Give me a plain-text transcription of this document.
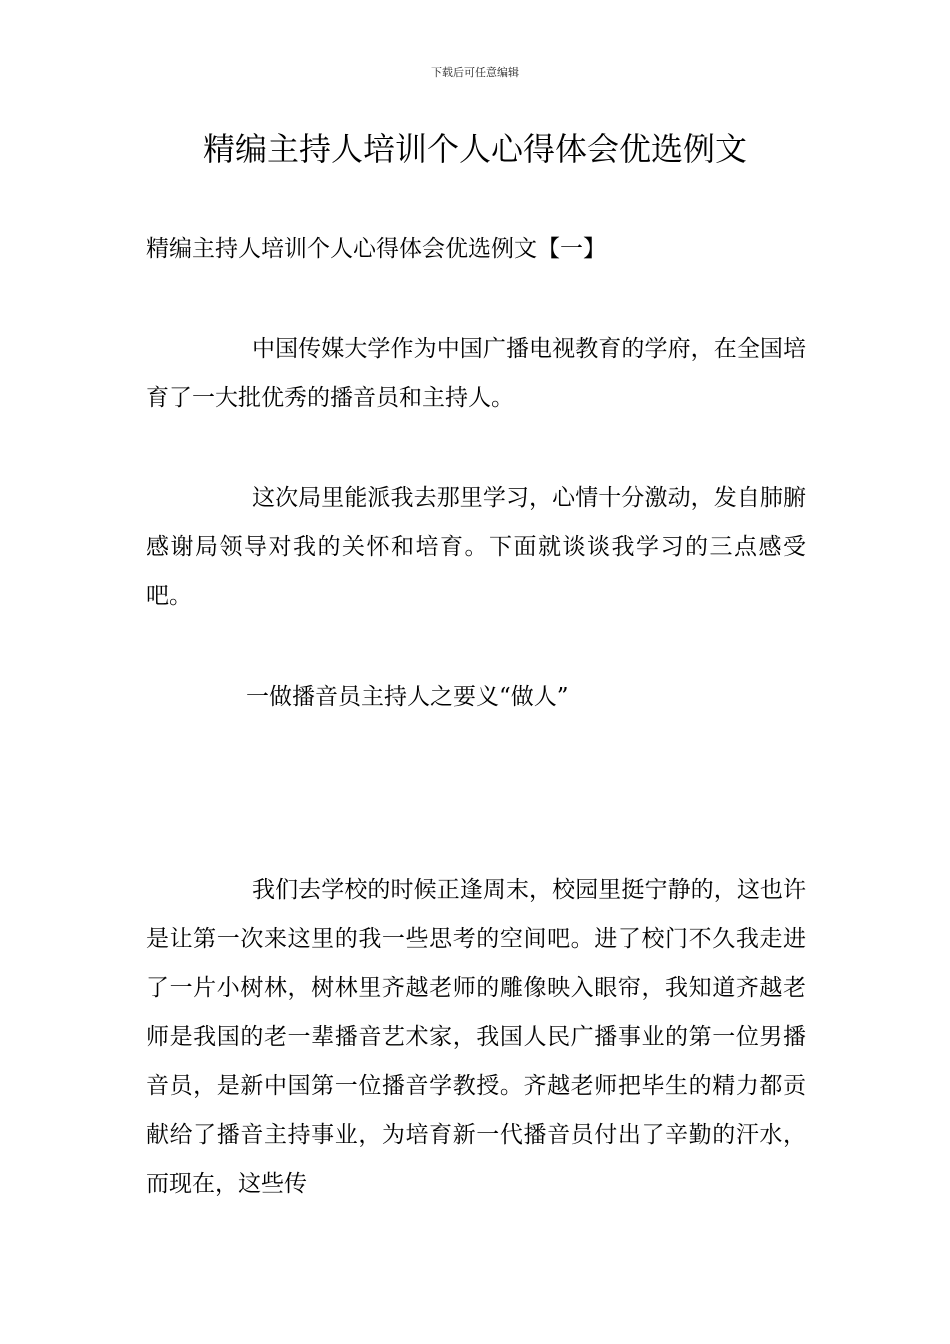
下载后可任意编辑
精编主持人培训个人心得体会优选例文
精编主持人培训个人心得体会优选例文【一】

中国传媒大学作为中国广播电视教育的学府，在全国培育了一大批优秀的播音员和主持人。

这次局里能派我去那里学习，心情十分激动，发自肺腑感谢局领导对我的关怀和培育。下面就谈谈我学习的三点感受吧。

一做播音员主持人之要义“做人”

我们去学校的时候正逢周末，校园里挺宁静的，这也许是让第一次来这里的我一些思考的空间吧。进了校门不久我走进了一片小树林，树林里齐越老师的雕像映入眼帘，我知道齐越老师是我国的老一辈播音艺术家，我国人民广播事业的第一位男播音员，是新中国第一位播音学教授。齐越老师把毕生的精力都贡献给了播音主持事业，为培育新一代播音员付出了辛勤的汗水，而现在，这些传
